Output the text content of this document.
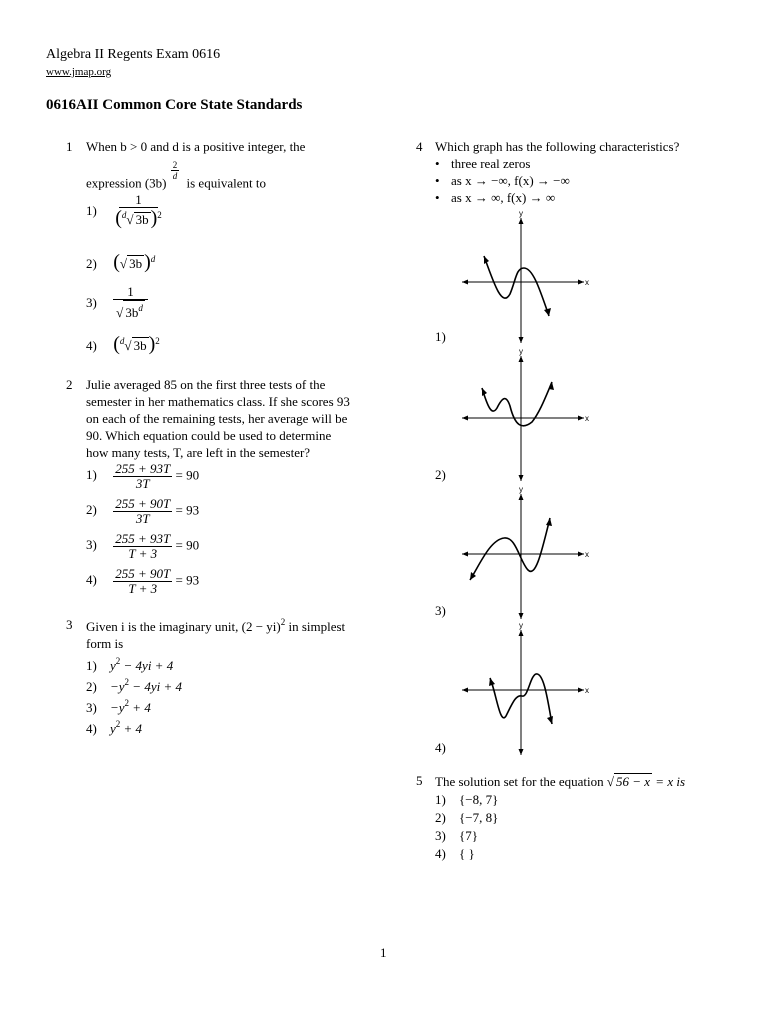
Algebra II Regents Exam 0616
www.jmap.org
0616AII Common Core State Standards
1 When b > 0 and d is a positive integer, the
expression (3b)
$\frac{2}{d}$
is equivalent to
$1) \frac{1}{(^d√ 3b )^2}$
2) (√ 3b )$^d$
$3) \frac{1}{√ 3b^d}$
4) ($^d$√ 3b )$^2$
2 Julie averaged 85 on the first three tests of the
semester in her mathematics class. If she scores 93
on each of the remaining tests, her average will be
90. Which equation could be used to determine
how many tests, T, are left in the semester?
$1) \frac{255 + 93T}{3T} = 90$
$2) \frac{255 + 90T}{3T} = 93$
$3) \frac{255 + 93T}{T + 3} = 90$
$4) \frac{255 + 90T}{T + 3} = 93$
3 Given i is the imaginary unit, (2 − yi)$^2$ in simplest
form is
1) $y^2 - 4yi + 4$
$2) -y^2 - 4yi + 4$
$3) -y^2 + 4$
4) $y^2 + 4$
4 Which graph has the following characteristics?
• three real zeros
• as x → −∞, f(x) → −∞
• as x → ∞, f(x) → ∞
x
y
1)
x
y
2)
x
y
3)
x
y
4)
5 The solution set for the equation √ 56 − x = x is
1) {−8, 7}
2) {−7, 8}
3) {7}
4) { }
1
